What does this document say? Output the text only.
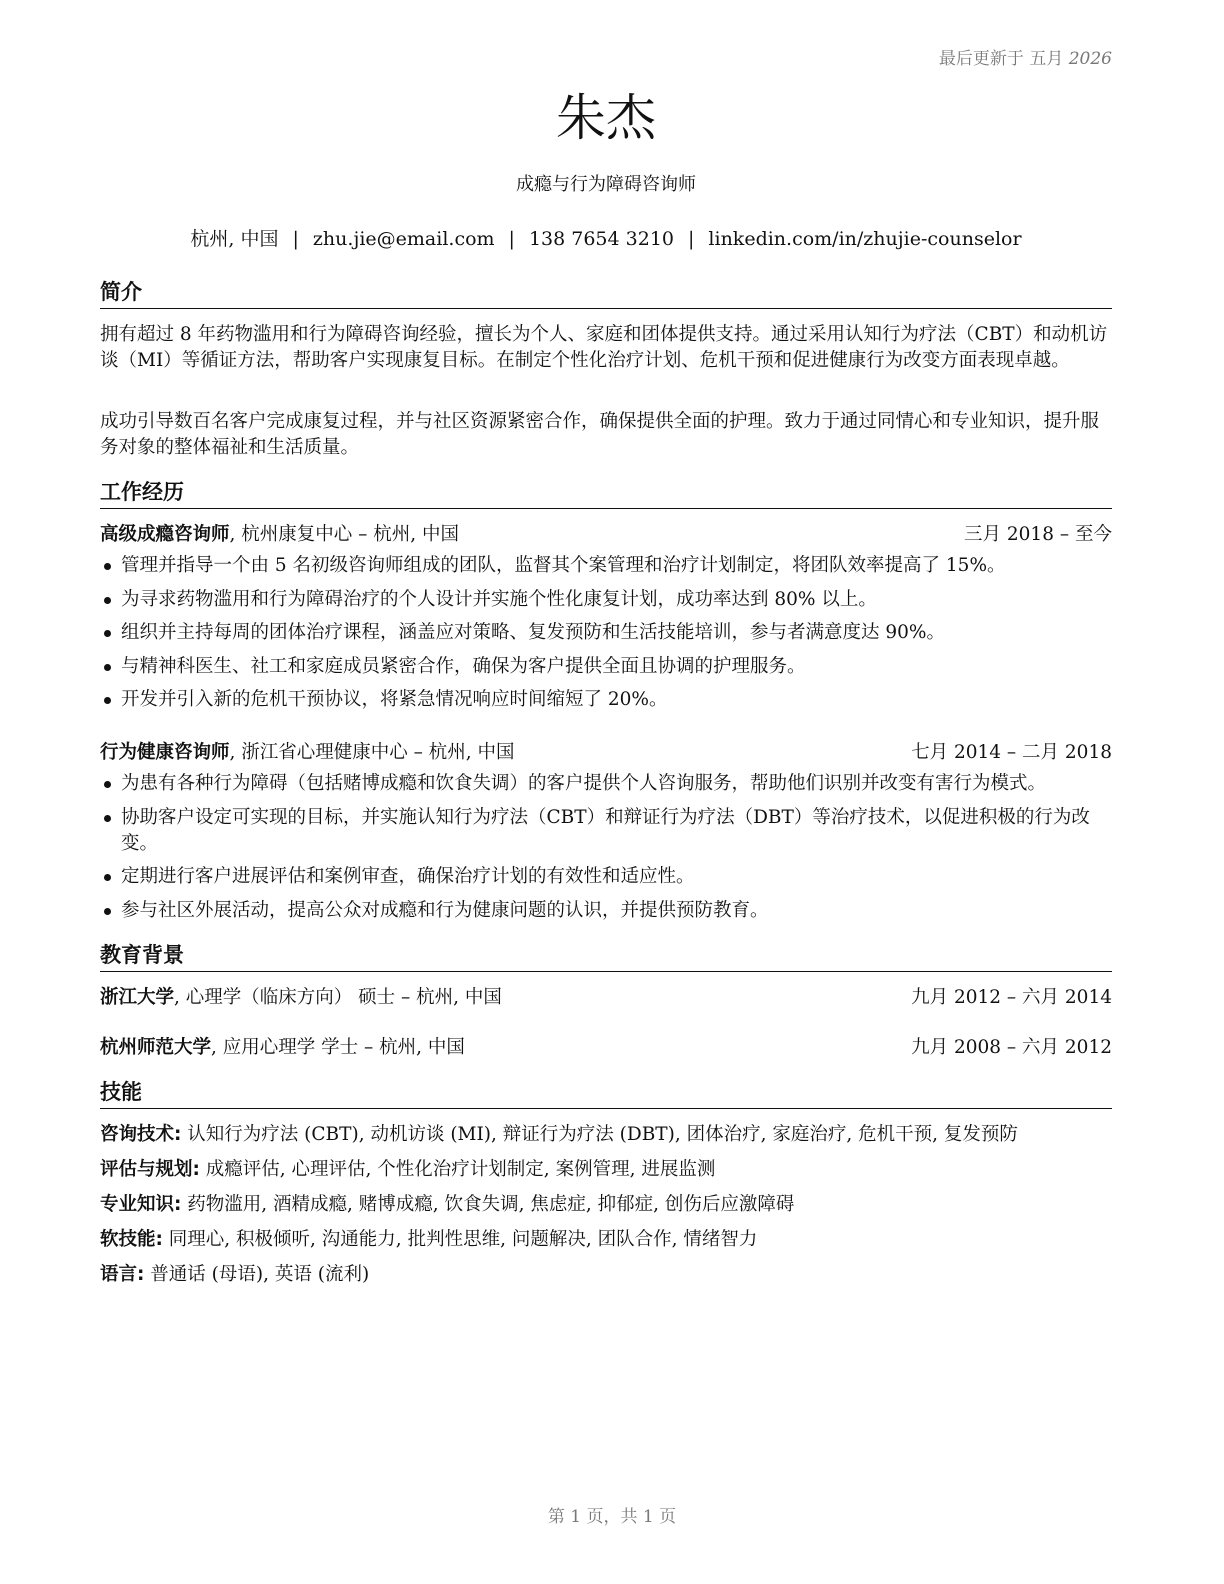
最后更新于 五月 2026
朱杰
成瘾与行为障碍咨询师
杭州, 中国 | zhu.jie@email.com | 138 7654 3210 | linkedin.com/in/zhujie-counselor
简介
拥有超过 8 年药物滥用和行为障碍咨询经验，擅长为个人、家庭和团体提供支持。通过采用认知行为疗法（CBT）和动机访谈（MI）等循证方法，帮助客户实现康复目标。在制定个性化治疗计划、危机干预和促进健康行为改变方面表现卓越。
成功引导数百名客户完成康复过程，并与社区资源紧密合作，确保提供全面的护理。致力于通过同情心和专业知识，提升服务对象的整体福祉和生活质量。
工作经历
高级成瘾咨询师, 杭州康复中心 – 杭州, 中国	三月 2018 – 至今
管理并指导一个由 5 名初级咨询师组成的团队，监督其个案管理和治疗计划制定，将团队效率提高了 15%。
为寻求药物滥用和行为障碍治疗的个人设计并实施个性化康复计划，成功率达到 80% 以上。
组织并主持每周的团体治疗课程，涵盖应对策略、复发预防和生活技能培训，参与者满意度达 90%。
与精神科医生、社工和家庭成员紧密合作，确保为客户提供全面且协调的护理服务。
开发并引入新的危机干预协议，将紧急情况响应时间缩短了 20%。
行为健康咨询师, 浙江省心理健康中心 – 杭州, 中国	七月 2014 – 二月 2018
为患有各种行为障碍（包括赌博成瘾和饮食失调）的客户提供个人咨询服务，帮助他们识别并改变有害行为模式。
协助客户设定可实现的目标，并实施认知行为疗法（CBT）和辩证行为疗法（DBT）等治疗技术，以促进积极的行为改变。
定期进行客户进展评估和案例审查，确保治疗计划的有效性和适应性。
参与社区外展活动，提高公众对成瘾和行为健康问题的认识，并提供预防教育。
教育背景
浙江大学, 心理学（临床方向） 硕士 – 杭州, 中国	九月 2012 – 六月 2014
杭州师范大学, 应用心理学 学士 – 杭州, 中国	九月 2008 – 六月 2012
技能
咨询技术: 认知行为疗法 (CBT), 动机访谈 (MI), 辩证行为疗法 (DBT), 团体治疗, 家庭治疗, 危机干预, 复发预防
评估与规划: 成瘾评估, 心理评估, 个性化治疗计划制定, 案例管理, 进展监测
专业知识: 药物滥用, 酒精成瘾, 赌博成瘾, 饮食失调, 焦虑症, 抑郁症, 创伤后应激障碍
软技能: 同理心, 积极倾听, 沟通能力, 批判性思维, 问题解决, 团队合作, 情绪智力
语言: 普通话 (母语), 英语 (流利)
第 1 页，共 1 页
